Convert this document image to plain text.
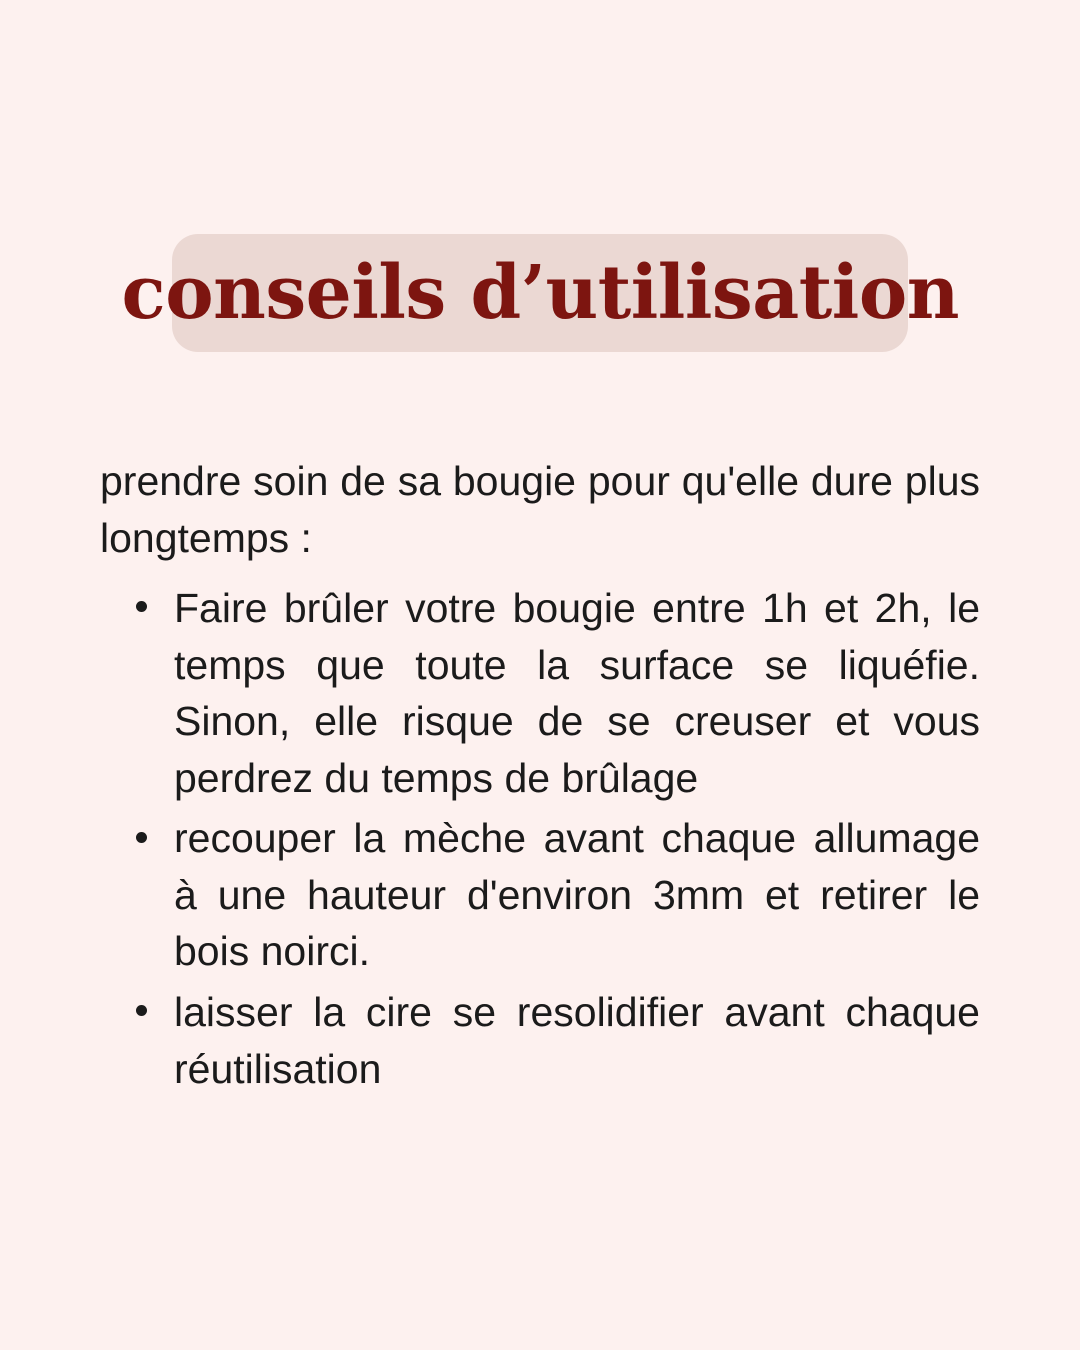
conseils d’utilisation

prendre soin de sa bougie pour qu'elle dure plus longtemps :

Faire brûler votre bougie entre 1h et 2h, le temps que toute la surface se liquéfie. Sinon, elle risque de se creuser et vous perdrez du temps de brûlage
recouper la mèche avant chaque allumage à une hauteur d'environ 3mm et retirer le bois noirci.
laisser la cire se resolidifier avant chaque réutilisation
